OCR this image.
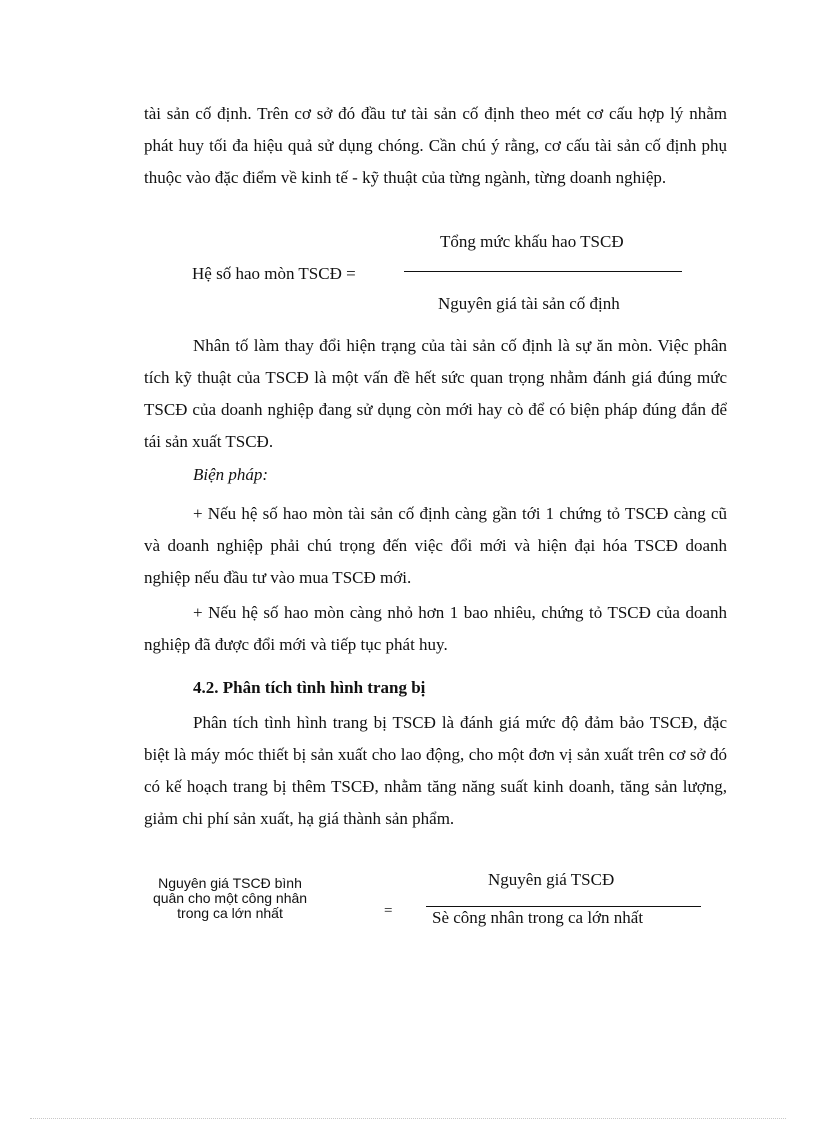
tài sản cố định. Trên cơ sở đó đầu tư tài sản cố định theo mét cơ cấu hợp lý nhằm phát huy tối đa hiệu quả sử dụng chóng. Cần chú ý rằng, cơ cấu tài sản cố định phụ thuộc vào đặc điểm về kinh tế - kỹ thuật của từng ngành, từng doanh nghiệp.

Hệ số hao mòn TSCĐ =
Tổng mức khấu hao TSCĐ
Nguyên giá tài sản cố định

Nhân tố làm thay đổi hiện trạng của tài sản cố định là sự ăn mòn. Việc phân tích kỹ thuật của TSCĐ là một vấn đề hết sức quan trọng nhằm đánh giá đúng mức TSCĐ của doanh nghiệp đang sử dụng còn mới hay cò để có biện pháp đúng đắn để tái sản xuất TSCĐ.

Biện pháp:

+ Nếu hệ số hao mòn tài sản cố định càng gần tới 1 chứng tỏ TSCĐ càng cũ và doanh nghiệp phải chú trọng đến việc đổi mới và hiện đại hóa TSCĐ doanh nghiệp nếu đầu tư vào mua TSCĐ mới.

+ Nếu hệ số hao mòn càng nhỏ hơn 1 bao nhiêu, chứng tỏ TSCĐ của doanh nghiệp đã được đổi mới và tiếp tục phát huy.

4.2. Phân tích tình hình trang bị

Phân tích tình hình trang bị TSCĐ là đánh giá mức độ đảm bảo TSCĐ, đặc biệt là máy móc thiết bị sản xuất cho lao động, cho một đơn vị sản xuất trên cơ sở đó có kế hoạch trang bị thêm TSCĐ, nhằm tăng năng suất kinh doanh, tăng sản lượng, giảm chi phí sản xuất, hạ giá thành sản phẩm.

Nguyên giá TSCĐ bình
quân cho một công nhân
trong ca lớn nhất	=
Nguyên giá TSCĐ
Sè công nhân trong ca lớn nhất
